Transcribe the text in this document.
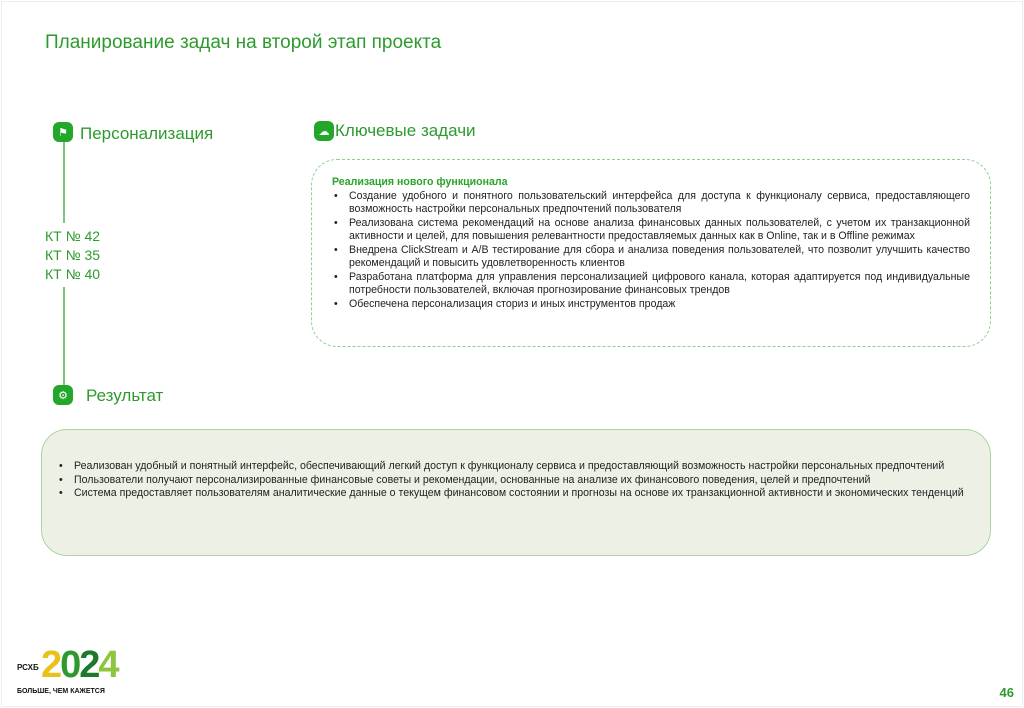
Планирование задач на второй этап проекта
⚑ Персонализация
КТ № 42
КТ № 35
КТ № 40
⚙ Результат
☁ Ключевые задачи
Реализация нового функционала
• Создание удобного и понятного пользовательский интерфейса для доступа к функционалу сервиса, предоставляющего возможность настройки персональных предпочтений пользователя
• Реализована система рекомендаций на основе анализа финансовых данных пользователей, с учетом их транзакционной активности и целей, для повышения релевантности предоставляемых данных как в Online, так и в Offline режимах
• Внедрена ClickStream и A/B тестирование для сбора и анализа поведения пользователей, что позволит улучшить качество рекомендаций и повысить удовлетворенность клиентов
• Разработана платформа для управления персонализацией цифрового канала, которая адаптируется под индивидуальные потребности пользователей, включая прогнозирование финансовых трендов
• Обеспечена персонализация сториз и иных инструментов продаж
• Реализован удобный и понятный интерфейс, обеспечивающий легкий доступ к функционалу сервиса и предоставляющий возможность настройки персональных предпочтений
• Пользователи получают персонализированные финансовые советы и рекомендации, основанные на анализе их финансового поведения, целей и предпочтений
• Система предоставляет пользователям аналитические данные о текущем финансовом состоянии и прогнозы на основе их транзакционной активности и экономических тенденций
РСХБ 2024
БОЛЬШЕ, ЧЕМ КАЖЕТСЯ	46
